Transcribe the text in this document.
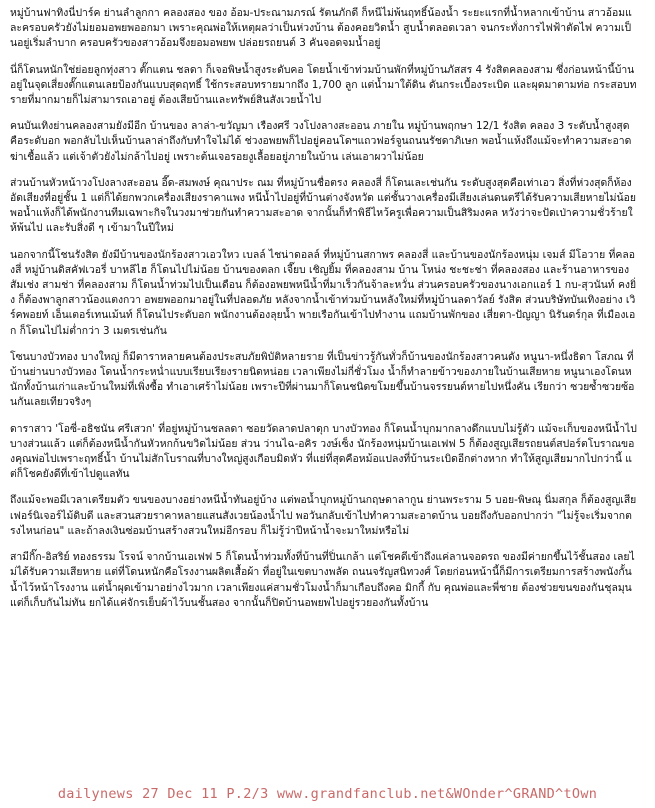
หมู่บ้านฟาทิงนี่ปาร์ค ย่านลำลูกกา คลองสอง ของ อ้อม-ประณามภรณ์ รัตนภักดี ก็หนีไม่พ้นฤทธิ์น้องน้ำ ระยะแรกที่น้ำหลากเข้าบ้าน สาวอ้อมและครอบครัวยังไม่ยอมอพยพออกมา เพราะคุณพ่อให้เหตุผลว่าเป็นห่วงบ้าน ต้องคอยวิดน้ำ สูบน้ำตลอดเวลา จนกระทั่งการไฟฟ้าตัดไฟ ความเป็นอยู่เริ่มลำบาก ครอบครัวของสาวอ้อมจึงยอมอพยพ ปล่อยรถยนต์ 3 คันจอดจมน้ำอยู่

นี่ก็โดนหนักใช่ย่อยลูกทุ่งสาว ตั๊กแตน ชลดา ก็เจอพิษน้ำสูงระดับคอ โดยน้ำเข้าท่วมบ้านพักที่หมู่บ้านภัสสร 4 รังสิตคลองสาม ซึ่งก่อนหน้านี้บ้านอยู่ในจุดเสี่ยงตั๊กแตนเลยป้องกันแบบสุดฤทธิ์ ใช้กระสอบทรายมากถึง 1,700 ลูก แต่น้ำมาใต้ดิน ดันกระเบื้องระเบิด และผุดมาตามท่อ กระสอบทรายที่มากมายก็ไม่สามารถเอาอยู่ ต้องเสียบ้านและทรัพย์สินสังเวยน้ำไป

คนบันเทิงย่านคลองสามยังมีอีก บ้านของ ลาล่า-ขวัญมา เรืองศรี วงโปงลางสะออน ภายใน หมู่บ้านพฤกษา 12/1 รังสิต คลอง 3 ระดับน้ำสูงสุด คือระดับอก พอกลับไปเห็นบ้านลาล่าถึงกับทำใจไม่ได้ ช่วงอพยพก็ไปอยู่คอนโดฯแถวฟอร์จูนถนนรัชดาภิเษก พอน้ำแห้งถึงแม้จะทำความสะอาดฆ่าเชื้อแล้ว แต่เจ้าตัวยังไม่กล้าไปอยู่ เพราะต้นเจอรอยงูเลื้อยอยู่ภายในบ้าน เล่นเอาผวาไม่น้อย

ส่วนบ้านหัวหน้าวงโปงลางสะออน อี๊ด-สมพงษ์ คุณาประ ณม ที่หมู่บ้านชื่อตรง คลองสี่ ก็โดนเละเช่นกัน ระดับสูงสุดคือเท่าเอว สิ่งที่ห่วงสุดก็ห้องอัดเสียงที่อยู่ชั้น 1 แต่ก็ได้ยกพวกเครื่องเสียงราคาแพง หนีน้ำไปอยู่ที่บ้านต่างจังหวัด แต่ชั้นวางเครื่องมีเสียงเล่นดนตรีได้รับความเสียหายไม่น้อย พอน้ำแห้งก็ได้พนักงานทีมเฉพาะกิจในวงมาช่วยกันทำความสะอาด จากนั้นก็ทำพิธีไหว้ครูเพื่อความเป็นสิริมงคล หวังว่าจะปัดเป่าความชั่วร้ายให้พ้นไป และรับสิ่งดี ๆ เข้ามาในปีใหม่

นอกจากนี้โชนรังสิต ยังมีบ้านของนักร้องสาวเอวใหว เบลล์ ไชน่าดอลล์ ที่หมู่บ้านสกาพร คลองสี่ และบ้านของนักร้องหนุ่ม เจมส์ มีโอวาย ที่คลองสี่ หมู่บ้านดิสคัฟเวอรี่ บาหลีไฮ ก็โดนไปไม่น้อย บ้านของตลก เจี๊ยบ เชิญยิ้ม ที่คลองสาม บ้าน โหน่ง ชะชะช่า ที่คลองสอง และร้านอาหารของ สัมเช่ง สามช่า ที่คลองสาม ก็โดนน้ำท่วมไปเป็นเดือน ก็ต้องอพยพหนีน้ำที่มาเร็วกันจ้าละหวั่น ส่วนครอบครัวของนางเอกแอร์ 1 กบ-สุวนันท์ คงยิ่ง ก็ต้องพาลูกสาวน้องแตงกวา อพยพออกมาอยู่ในที่ปลอดภัย หลังจากน้ำเข้าท่วมบ้านหลังใหม่ที่หมู่บ้านลดาวัลย์ รังสิต ส่วนบริษัทบันเทิงอย่าง เวิร์คพอยท์ เอ็นเตอร์เทนเม้นท์ ก็โดนไประดับอก พนักงานต้องลุยน้ำ พายเรือกันเข้าไปทำงาน แถมบ้านพักของ เสี่ยตา-ปัญญา นิรันดร์กุล ที่เมืองเอก ก็โดนไปไม่ต่ำกว่า 3 เมตรเช่นกัน

โซนบางบัวทอง บางใหญ่ ก็มีดาราหลายคนต้องประสบภัยพิบัติหลายราย ที่เป็นข่าวรู้กันทั่วก็บ้านของนักร้องสาวคนดัง หนูนา-หนึ่งธิดา โสภณ ที่บ้านย่านบางบัวทอง โดนน้ำกระหน่ำแบบเรียบเรียงรายนิดหน่อย เวลาเพียงไม่กี่ชั่วโมง น้ำก็ทำลายข้าวของภายในบ้านเสียหาย หนูนาเองโดนหนักทั้งบ้านเก่าและบ้านใหม่ที่เพิ่งซื้อ ทำเอาเศร้าไม่น้อย เพราะปีที่ผ่านมาก็โดนชนิดขโมยขึ้นบ้านจรรยนต์หายไปหนึ่งคัน เรียกว่า ซวยซ้ำซวยซ้อนกันเลยเทียวจริงๆ

ดาราสาว 'โอซี่-อธิชนัน ศรีเสวก' ที่อยู่หมู่บ้านชลลดา ซอยวัดลาดปลาดุก บางบัวทอง ก็โดนน้ำบุกมากลางดึกแบบไม่รู้ตัว แม้จะเก็บของหนีน้ำไปบางส่วนแล้ว แต่ก็ต้องหนีน้ำกันหัวหกก้นขวิดไม่น้อย ส่วน ว่านไฉ-อคิร วงษ์เซ็ง นักร้องหนุ่มบ้านเอเฟฟ 5 ก็ต้องสูญเสียรถยนต์สปอร์ตโบราณของคุณพ่อไปเพราะฤทธิ์น้ำ บ้านไม่สักโบราณที่บางใหญ่สูงเกือบมิดหัว ที่แย่ที่สุดคือหม้อแปลงที่บ้านระเบิดอีกต่างหาก ทำให้สูญเสียมากไปกว่านี้ แต่ก็โชคยังดีที่เข้าไปดูแลทัน

ถึงแม้จะพอมีเวลาเตรียมตัว ขนของบางอย่างหนีน้ำทันอยู่บ้าง แต่พอน้ำบุกหมู่บ้านกฤษดาลากูน ย่านพระราม 5 บอย-พิษณุ นิ่มสกุล ก็ต้องสูญเสียเฟอร์นิเจอร์ไม้ดิบดี และสวนสวยราคาหลายแสนสังเวยน้องน้ำไป พอวันกลับเข้าไปทำความสะอาดบ้าน บอยถึงกับออกปากว่า "ไม่รู้จะเริ่มจากตรงไหนก่อน" และถ้าลงเงินซ่อมบ้านสร้างสวนใหม่อีกรอบ ก็ไม่รู้ว่าปีหน้าน้ำจะมาใหม่หรือไม่

สามีกิ๊ก-อิสริย์ ทองธรรม โรจน์ จากบ้านเอเฟฟ 5 ก็โดนน้ำท่วมทั้งที่บ้านที่ปิ่นเกล้า แต่โชคดีเข้าถึงแค่ลานจอดรถ ของมีค่ายกขึ้นไว้ชั้นสอง เลยไม่ได้รับความเสียหาย แต่ที่โดนหนักคือโรงงานผลิตเสื้อผ้า ที่อยู่ในเขตบางพลัด ถนนจรัญสนิทวงศ์ โดยก่อนหน้านี้ก็มีการเตรียมการสร้างพนังกั้นน้ำไว้หน้าโรงงาน แต่น้ำผุดเข้ามาอย่างไวมาก เวลาเพียงแค่สามชั่วโมงน้ำก็มาเกือบถึงคอ มิกกี้ กับ คุณพ่อและพี่ชาย ต้องช่วยขนของกันชุลมุน แต่ก็เก็บกันไม่ทัน ยกได้แค่จักรเย็บผ้าไว้บนชั้นสอง จากนั้นก็ปิดบ้านอพยพไปอยู่รวยองกันทั้งบ้าน

dailynews 27 Dec 11 P.2/3 www.grandfanclub.net&WOnder^GRAND^tOwn
